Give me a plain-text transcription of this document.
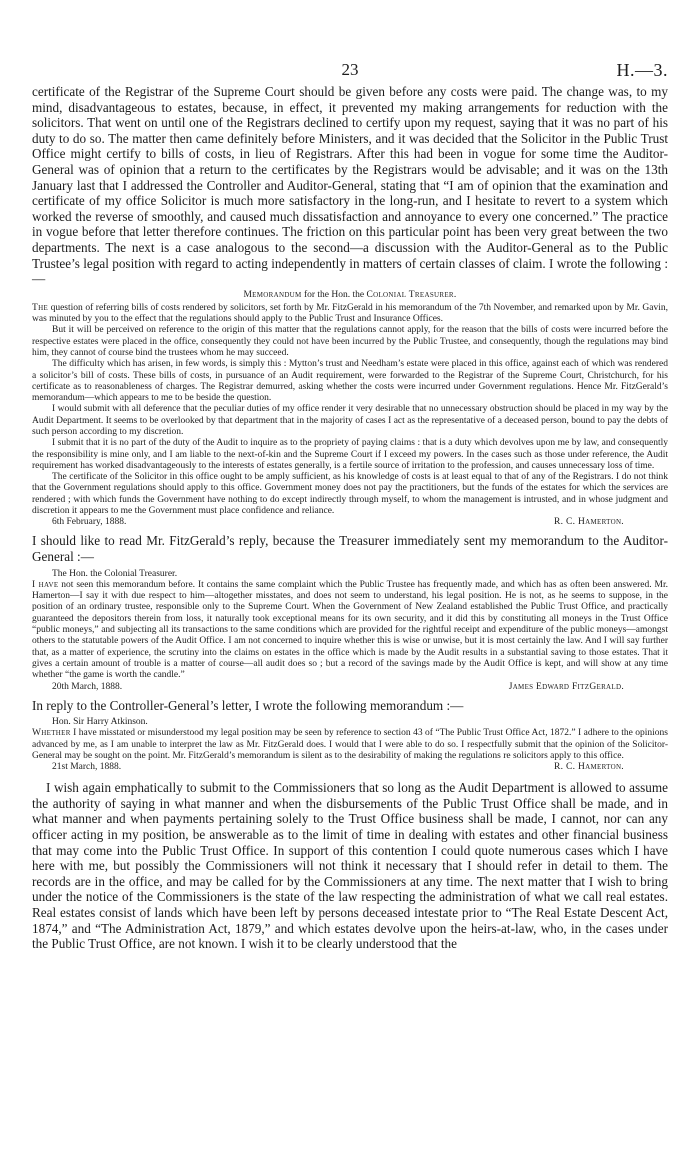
23	H.—3.

certificate of the Registrar of the Supreme Court should be given before any costs were paid. The change was, to my mind, disadvantageous to estates, because, in effect, it prevented my making arrangements for reduction with the solicitors. That went on until one of the Registrars declined to certify upon my request, saying that it was no part of his duty to do so. The matter then came definitely before Ministers, and it was decided that the Solicitor in the Public Trust Office might certify to bills of costs, in lieu of Registrars. After this had been in vogue for some time the Auditor-General was of opinion that a return to the certificates by the Registrars would be advisable; and it was on the 13th January last that I addressed the Controller and Auditor-General, stating that “I am of opinion that the examination and certificate of my office Solicitor is much more satisfactory in the long-run, and I hesitate to revert to a system which worked the reverse of smoothly, and caused much dissatisfaction and annoyance to every one concerned.” The practice in vogue before that letter therefore continues. The friction on this particular point has been very great between the two departments. The next is a case analogous to the second—a discussion with the Auditor-General as to the Public Trustee’s legal position with regard to acting independently in matters of certain classes of claim. I wrote the following :—

Memorandum for the Hon. the Colonial Treasurer.

The question of referring bills of costs rendered by solicitors, set forth by Mr. FitzGerald in his memorandum of the 7th November, and remarked upon by Mr. Gavin, was minuted by you to the effect that the regulations should apply to the Public Trust and Insurance Offices.

But it will be perceived on reference to the origin of this matter that the regulations cannot apply, for the reason that the bills of costs were incurred before the respective estates were placed in the office, consequently they could not have been incurred by the Public Trustee, and consequently, though the regulations may bind him, they cannot of course bind the trustees whom he may succeed.

The difficulty which has arisen, in few words, is simply this : Mytton’s trust and Needham’s estate were placed in this office, against each of which was rendered a solicitor’s bill of costs. These bills of costs, in pursuance of an Audit requirement, were forwarded to the Registrar of the Supreme Court, Christchurch, for his certificate as to reasonableness of charges. The Registrar demurred, asking whether the costs were incurred under Government regulations. Hence Mr. FitzGerald’s memorandum—which appears to me to be beside the question.

I would submit with all deference that the peculiar duties of my office render it very desirable that no unnecessary obstruction should be placed in my way by the Audit Department. It seems to be overlooked by that department that in the majority of cases I act as the representative of a deceased person, bound to pay the debts of such person according to my discretion.

I submit that it is no part of the duty of the Audit to inquire as to the propriety of paying claims : that is a duty which devolves upon me by law, and consequently the responsibility is mine only, and I am liable to the next-of-kin and the Supreme Court if I exceed my powers. In the cases such as those under reference, the Audit requirement has worked disadvantageously to the interests of estates generally, is a fertile source of irritation to the profession, and causes unnecessary loss of time.

The certificate of the Solicitor in this office ought to be amply sufficient, as his knowledge of costs is at least equal to that of any of the Registrars. I do not think that the Government regulations should apply to this office. Government money does not pay the practitioners, but the funds of the estates for which the services are rendered ; with which funds the Government have nothing to do except indirectly through myself, to whom the management is intrusted, and in whose judgment and discretion it appears to me the Government must place confidence and reliance.

6th February, 1888.	R. C. Hamerton.

I should like to read Mr. FitzGerald’s reply, because the Treasurer immediately sent my memorandum to the Auditor-General :—

The Hon. the Colonial Treasurer.

I have not seen this memorandum before. It contains the same complaint which the Public Trustee has frequently made, and which has as often been answered. Mr. Hamerton—I say it with due respect to him—altogether misstates, and does not seem to understand, his legal position. He is not, as he seems to suppose, in the position of an ordinary trustee, responsible only to the Supreme Court. When the Government of New Zealand established the Public Trust Office, and practically guaranteed the depositors therein from loss, it naturally took exceptional means for its own security, and it did this by constituting all moneys in the Trust Office “public moneys,” and subjecting all its transactions to the same conditions which are provided for the rightful receipt and expenditure of the public moneys—amongst others to the statutable powers of the Audit Office. I am not concerned to inquire whether this is wise or unwise, but it is most certainly the law. And I will say further that, as a matter of experience, the scrutiny into the claims on estates in the office which is made by the Audit results in a substantial saving to those estates. That it gives a certain amount of trouble is a matter of course—all audit does so ; but a record of the savings made by the Audit Office is kept, and will show at any time whether “the game is worth the candle.”

20th March, 1888.	James Edward FitzGerald.

In reply to the Controller-General’s letter, I wrote the following memorandum :—

Hon. Sir Harry Atkinson.

Whether I have misstated or misunderstood my legal position may be seen by reference to section 43 of “The Public Trust Office Act, 1872.” I adhere to the opinions advanced by me, as I am unable to interpret the law as Mr. FitzGerald does. I would that I were able to do so. I respectfully submit that the opinion of the Solicitor-General may be sought on the point. Mr. FitzGerald’s memorandum is silent as to the desirability of making the regulations re solicitors apply to this office.

21st March, 1888.	R. C. Hamerton.

I wish again emphatically to submit to the Commissioners that so long as the Audit Department is allowed to assume the authority of saying in what manner and when the disbursements of the Public Trust Office shall be made, and in what manner and when payments pertaining solely to the Trust Office business shall be made, I cannot, nor can any officer acting in my position, be answerable as to the limit of time in dealing with estates and other financial business that may come into the Public Trust Office. In support of this contention I could quote numerous cases which I have here with me, but possibly the Commissioners will not think it necessary that I should refer in detail to them. The records are in the office, and may be called for by the Commissioners at any time. The next matter that I wish to bring under the notice of the Commissioners is the state of the law respecting the administration of what we call real estates. Real estates consist of lands which have been left by persons deceased intestate prior to “The Real Estate Descent Act, 1874,” and “The Administration Act, 1879,” and which estates devolve upon the heirs-at-law, who, in the cases under the Public Trust Office, are not known. I wish it to be clearly understood that the
